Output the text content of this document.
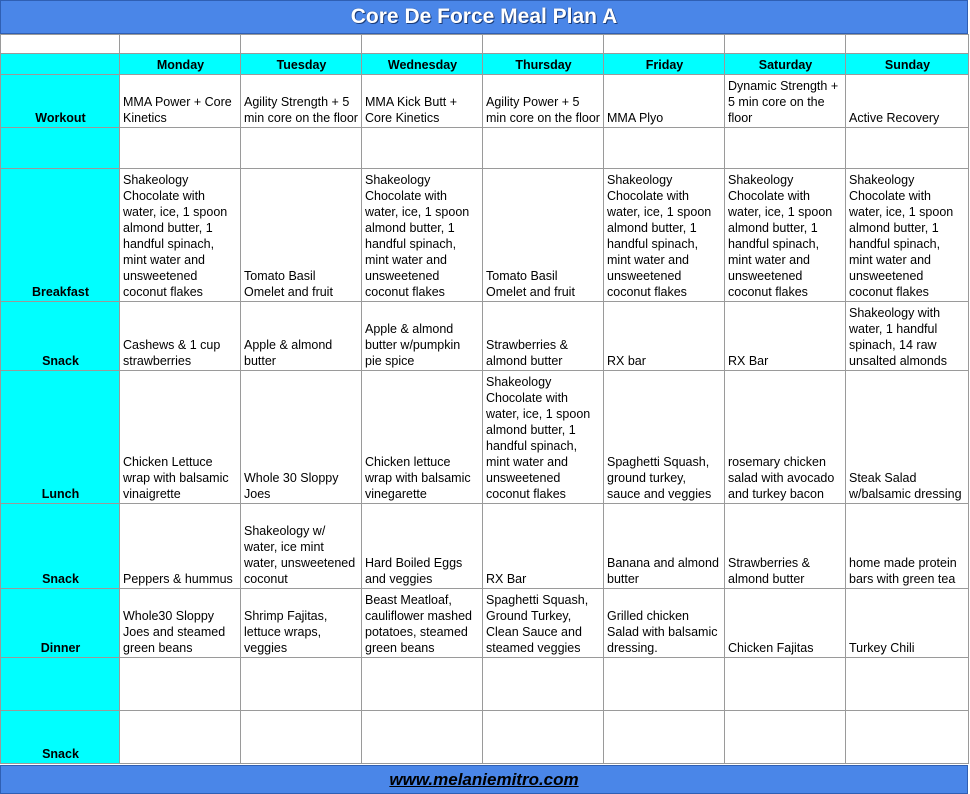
Core De Force Meal Plan A

	Monday	Tuesday	Wednesday	Thursday	Friday	Saturday	Sunday
Workout	MMA Power + Core Kinetics	Agility Strength + 5 min core on the floor	MMA Kick Butt + Core Kinetics	Agility Power + 5 min core on the floor	MMA Plyo	Dynamic Strength + 5 min core on the floor	Active Recovery

Breakfast	Shakeology Chocolate with water, ice, 1 spoon almond butter, 1 handful spinach, mint water and unsweetened coconut flakes	Tomato Basil Omelet and fruit	Shakeology Chocolate with water, ice, 1 spoon almond butter, 1 handful spinach, mint water and unsweetened coconut flakes	Tomato Basil Omelet and fruit	Shakeology Chocolate with water, ice, 1 spoon almond butter, 1 handful spinach, mint water and unsweetened coconut flakes	Shakeology Chocolate with water, ice, 1 spoon almond butter, 1 handful spinach, mint water and unsweetened coconut flakes	Shakeology Chocolate with water, ice, 1 spoon almond butter, 1 handful spinach, mint water and unsweetened coconut flakes
Snack	Cashews & 1 cup strawberries	Apple & almond butter	Apple & almond butter w/pumpkin pie spice	Strawberries & almond butter	RX bar	RX Bar	Shakeology with water, 1 handful spinach, 14 raw unsalted almonds
Lunch	Chicken Lettuce wrap with balsamic vinaigrette	Whole 30 Sloppy Joes	Chicken lettuce wrap with balsamic vinegarette	Shakeology Chocolate with water, ice, 1 spoon almond butter, 1 handful spinach, mint water and unsweetened coconut flakes	Spaghetti Squash, ground turkey, sauce and veggies	rosemary chicken salad with avocado and turkey bacon	Steak Salad w/balsamic dressing
Snack	Peppers & hummus	Shakeology w/ water, ice mint water, unsweetened coconut	Hard Boiled Eggs and veggies	RX Bar	Banana and almond butter	Strawberries & almond butter	home made protein bars with green tea
Dinner	Whole30 Sloppy Joes and steamed green beans	Shrimp Fajitas, lettuce wraps, veggies	Beast Meatloaf, cauliflower mashed potatoes, steamed green beans	Spaghetti Squash, Ground Turkey, Clean Sauce and steamed veggies	Grilled chicken Salad with balsamic dressing.	Chicken Fajitas	Turkey Chili

Snack							
www.melaniemitro.com
